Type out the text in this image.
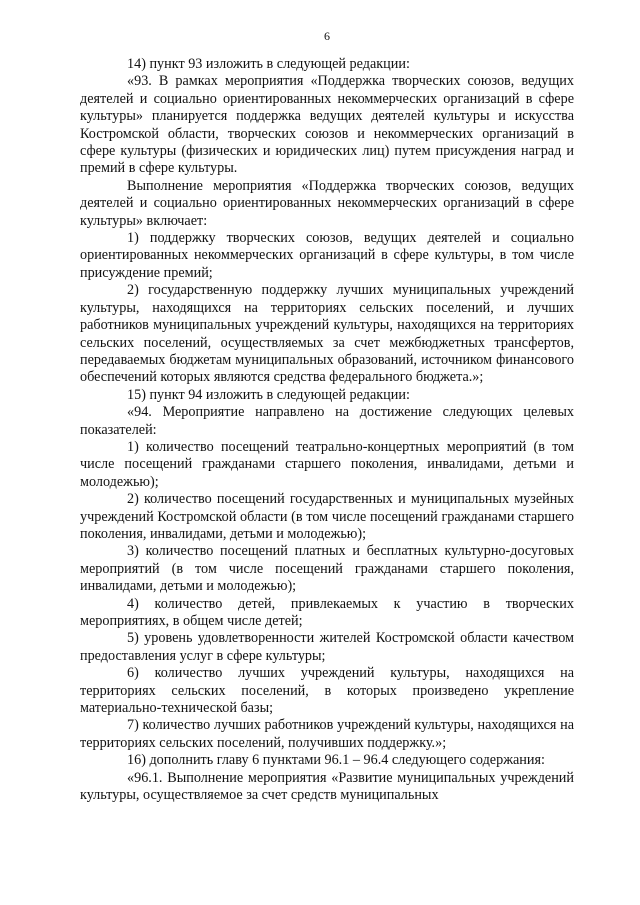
6

14) пункт 93 изложить в следующей редакции:

«93. В рамках мероприятия «Поддержка творческих союзов, ведущих деятелей и социально ориентированных некоммерческих организаций в сфере культуры» планируется поддержка ведущих деятелей культуры и искусства Костромской области, творческих союзов и некоммерческих организаций в сфере культуры (физических и юридических лиц) путем присуждения наград и премий в сфере культуры.

Выполнение мероприятия «Поддержка творческих союзов, ведущих деятелей и социально ориентированных некоммерческих организаций в сфере культуры» включает:

1) поддержку творческих союзов, ведущих деятелей и социально ориентированных некоммерческих организаций в сфере культуры, в том числе присуждение премий;

2) государственную поддержку лучших муниципальных учреждений культуры, находящихся на территориях сельских поселений, и лучших работников муниципальных учреждений культуры, находящихся на территориях сельских поселений, осуществляемых за счет межбюджетных трансфертов, передаваемых бюджетам муниципальных образований, источником финансового обеспечений которых являются средства федерального бюджета.»;

15) пункт 94 изложить в следующей редакции:

«94. Мероприятие направлено на достижение следующих целевых показателей:

1) количество посещений театрально-концертных мероприятий (в том числе посещений гражданами старшего поколения, инвалидами, детьми и молодежью);

2) количество посещений государственных и муниципальных музейных учреждений Костромской области (в том числе посещений гражданами старшего поколения, инвалидами, детьми и молодежью);

3) количество посещений платных и бесплатных культурно-досуговых мероприятий (в том числе посещений гражданами старшего поколения, инвалидами, детьми и молодежью);

4) количество детей, привлекаемых к участию в творческих мероприятиях, в общем числе детей;

5) уровень удовлетворенности жителей Костромской области качеством предоставления услуг в сфере культуры;

6) количество лучших учреждений культуры, находящихся на территориях сельских поселений, в которых произведено укрепление материально-технической базы;

7) количество лучших работников учреждений культуры, находящихся на территориях сельских поселений, получивших поддержку.»;

16) дополнить главу 6 пунктами 96.1 – 96.4 следующего содержания:

«96.1. Выполнение мероприятия «Развитие муниципальных учреждений культуры, осуществляемое за счет средств муниципальных
